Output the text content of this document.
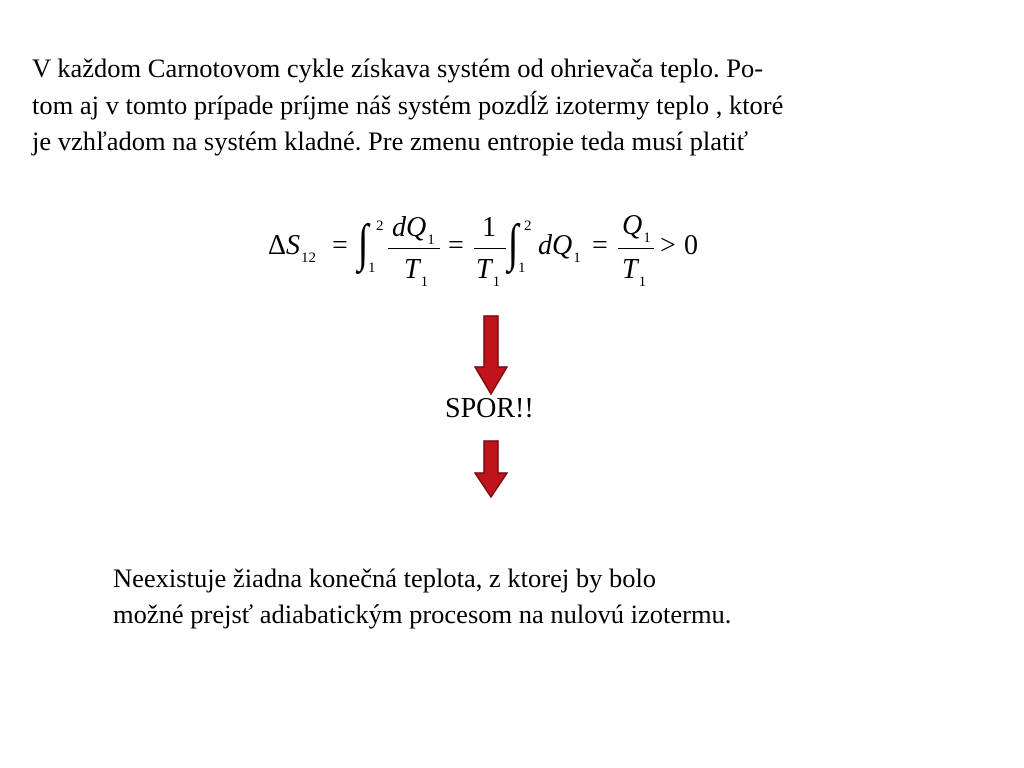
V každom Carnotovom cykle získava systém od ohrievača teplo. Po-
tom aj v tomto prípade príjme náš systém pozdĺž izotermy teplo , ktoré
je vzhľadom na systém kladné. Pre zmenu entropie teda musí platiť
$\Delta S_{12}$ = ∫ 2
1
$dQ_1$
$T_1$
=
1
$T_1$
∫ 2
1
$dQ_1$ =
$Q_1$
$T_1$
> 0
SPOR!!
Neexistuje žiadna konečná teplota, z ktorej by bolo
možné prejsť adiabatickým procesom na nulovú izotermu.
